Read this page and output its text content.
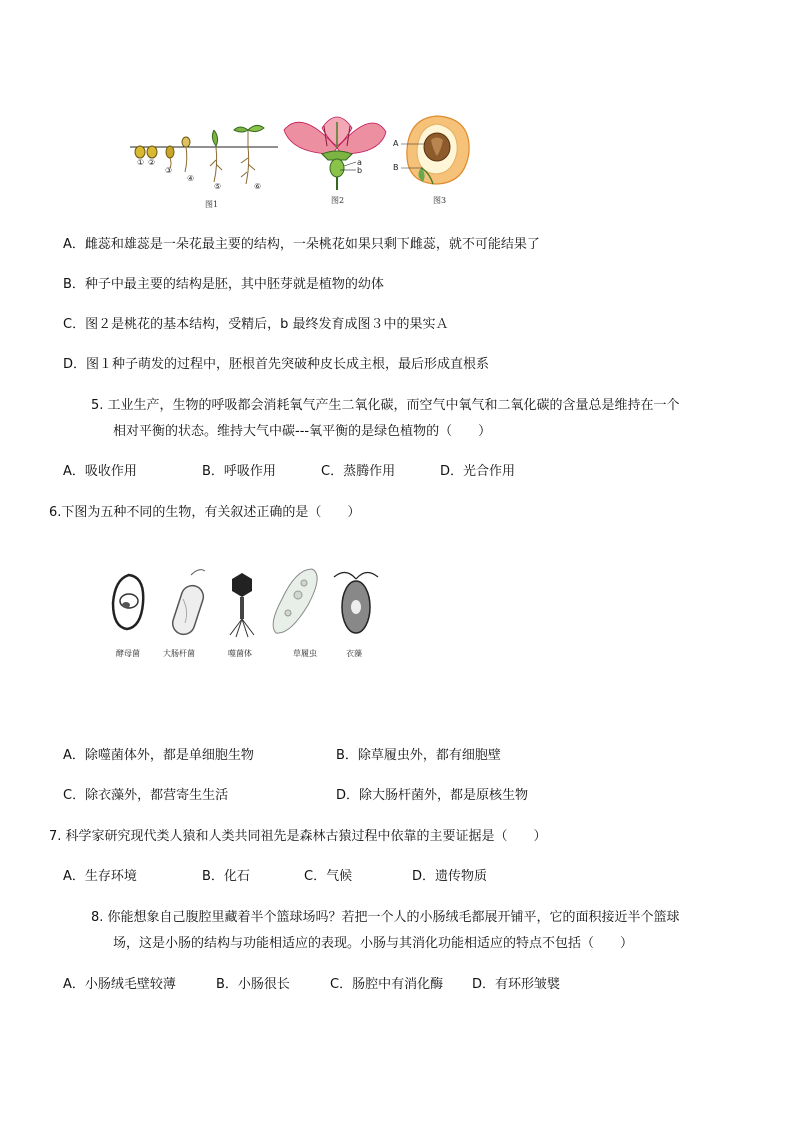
① ②
③
④
⑤	⑥
图1
a
b
图2
A
B
图3
A．雌蕊和雄蕊是一朵花最主要的结构，一朵桃花如果只剩下雌蕊，就不可能结果了
B．种子中最主要的结构是胚，其中胚芽就是植物的幼体
C．图２是桃花的基本结构，受精后，b 最终发育成图３中的果实Ａ
D．图１种子萌发的过程中，胚根首先突破种皮长成主根，最后形成直根系
5. 工业生产，生物的呼吸都会消耗氧气产生二氧化碳，而空气中氧气和二氧化碳的含量总是维持在一个
相对平衡的状态。维持大气中碳---氧平衡的是绿色植物的（　　）
A．吸收作用	B．呼吸作用	C．蒸腾作用	D．光合作用
6.下图为五种不同的生物，有关叙述正确的是（　　）
酵母菌	大肠杆菌	噬菌体	草履虫	衣藻
A．除噬菌体外，都是单细胞生物	B．除草履虫外，都有细胞壁
C．除衣藻外，都营寄生生活	D．除大肠杆菌外，都是原核生物
7. 科学家研究现代类人猿和人类共同祖先是森林古猿过程中依靠的主要证据是（　　）
A．生存环境	B．化石	C．气候	D．遗传物质
8. 你能想象自己腹腔里藏着半个篮球场吗？若把一个人的小肠绒毛都展开铺平，它的面积接近半个篮球
场，这是小肠的结构与功能相适应的表现。小肠与其消化功能相适应的特点不包括（　　）
A．小肠绒毛壁较薄	B．小肠很长	C．肠腔中有消化酶 D．有环形皱襞
